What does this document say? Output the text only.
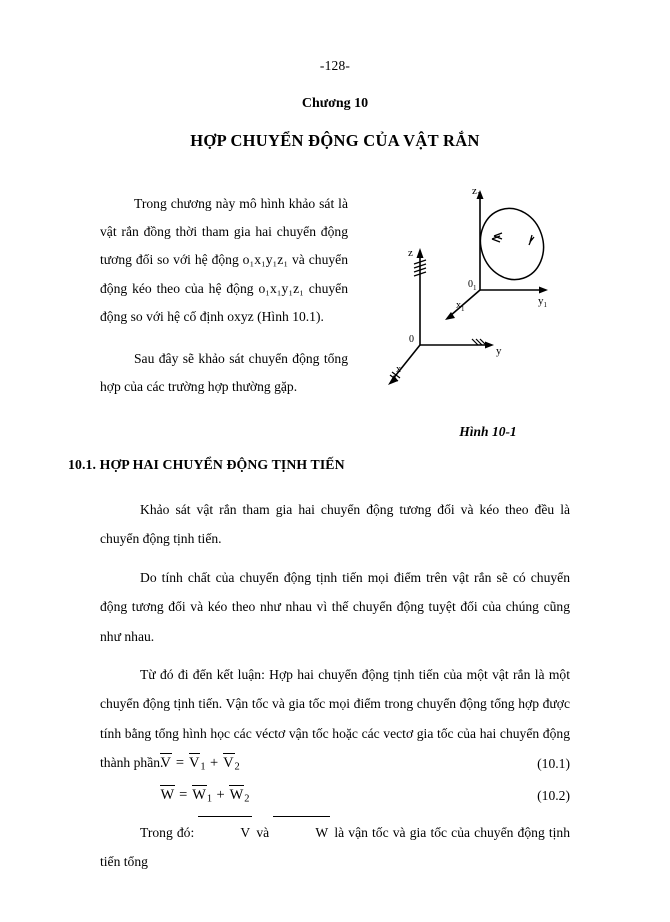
-128-
Chương 10
HỢP CHUYỂN ĐỘNG CỦA VẬT RẮN

Trong chương này mô hình khảo sát là vật rắn đồng thời tham gia hai chuyển động tương đối so với hệ động o₁x₁y₁z₁ và chuyển động kéo theo của hệ động o₁x₁y₁z₁ chuyển động so với hệ cố định oxyz (Hình 10.1).

Sau đây sẽ khảo sát chuyển động tổng hợp của các trường hợp thường gặp.

$z_1$
$y_1$
$x_1$
$0_1$
z
y
x
0
Hình 10-1
10.1. HỢP HAI CHUYỂN ĐỘNG TỊNH TIẾN

Khảo sát vật rắn tham gia hai chuyển động tương đối và kéo theo đều là chuyển động tịnh tiến.

Do tính chất của chuyển động tịnh tiến mọi điểm trên vật rắn sẽ có chuyển động tương đối và kéo theo như nhau vì thế chuyển động tuyệt đối của chúng cũng như nhau.

Từ đó đi đến kết luận: Hợp hai chuyển động tịnh tiến của một vật rắn là một chuyển động tịnh tiến. Vận tốc và gia tốc mọi điểm trong chuyển động tổng hợp được tính bằng tổng hình học các véctơ vận tốc hoặc các vectơ gia tốc của hai chuyển động thành phần.

$V = V_1 + V_2$	(10.1)
$W = W_1 + W_2$	(10.2)
Trong đó:	V và	W là vận tốc và gia tốc của chuyển động tịnh tiến tổng
